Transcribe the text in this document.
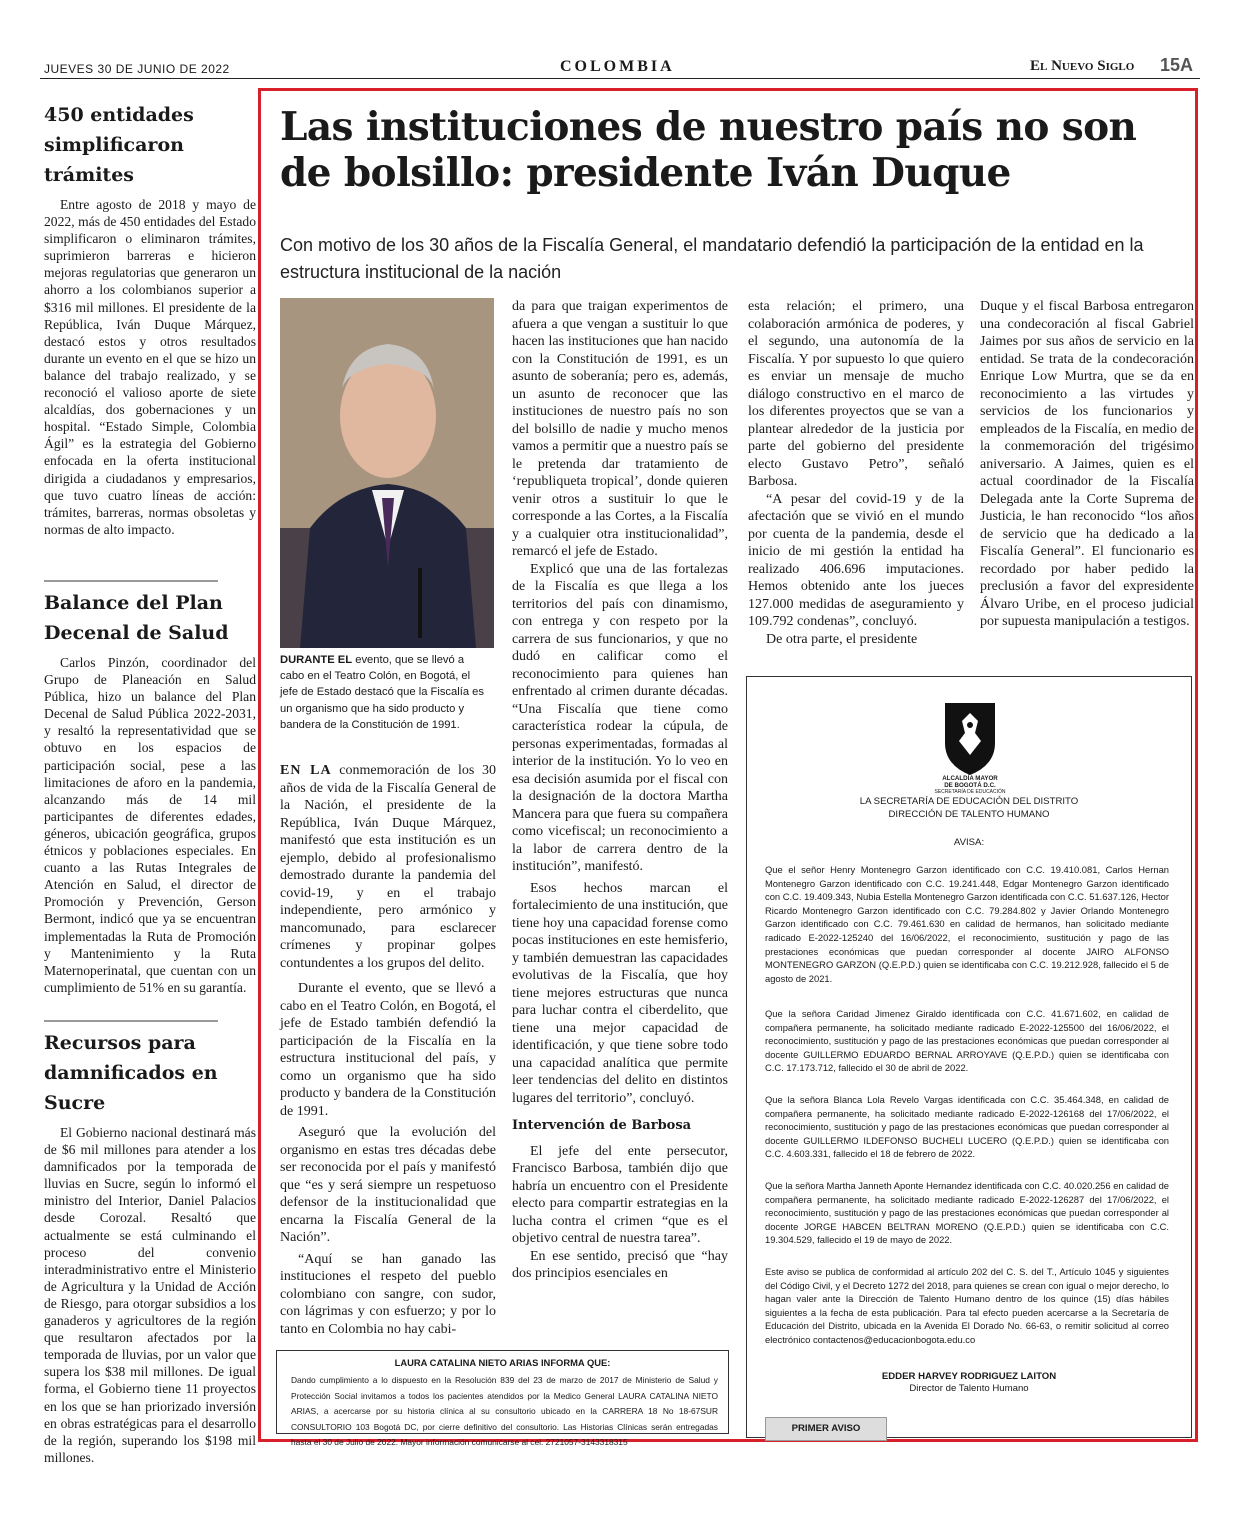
JUEVES 30 DE JUNIO DE 2022	COLOMBIA	El Nuevo Siglo 15A
450 entidades simplificaron trámites

Entre agosto de 2018 y mayo de 2022, más de 450 entidades del Estado simplificaron o eliminaron trámites, suprimieron barreras e hicieron mejoras regulatorias que generaron un ahorro a los colombianos superior a $316 mil millones. El presidente de la República, Iván Duque Márquez, destacó estos y otros resultados durante un evento en el que se hizo un balance del trabajo realizado, y se reconoció el valioso aporte de siete alcaldías, dos gobernaciones y un hospital. “Estado Simple, Colombia Ágil” es la estrategia del Gobierno enfocada en la oferta institucional dirigida a ciudadanos y empresarios, que tuvo cuatro líneas de acción: trámites, barreras, normas obsoletas y normas de alto impacto.

Balance del Plan Decenal de Salud

Carlos Pinzón, coordinador del Grupo de Planeación en Salud Pública, hizo un balance del Plan Decenal de Salud Pública 2022-2031, y resaltó la representatividad que se obtuvo en los espacios de participación social, pese a las limitaciones de aforo en la pandemia, alcanzando más de 14 mil participantes de diferentes edades, géneros, ubicación geográfica, grupos étnicos y poblaciones especiales. En cuanto a las Rutas Integrales de Atención en Salud, el director de Promoción y Prevención, Gerson Bermont, indicó que ya se encuentran implementadas la Ruta de Promoción y Mantenimiento y la Ruta Maternoperinatal, que cuentan con un cumplimiento de 51% en su garantía.

Recursos para damnificados en Sucre

El Gobierno nacional destinará más de $6 mil millones para atender a los damnificados por la temporada de lluvias en Sucre, según lo informó el ministro del Interior, Daniel Palacios desde Corozal. Resaltó que actualmente se está culminando el proceso del convenio interadministrativo entre el Ministerio de Agricultura y la Unidad de Acción de Riesgo, para otorgar subsidios a los ganaderos y agricultores de la región que resultaron afectados por la temporada de lluvias, por un valor que supera los $38 mil millones. De igual forma, el Gobierno tiene 11 proyectos en los que se han priorizado inversión en obras estratégicas para el desarrollo de la región, superando los $198 mil millones.

Las instituciones de nuestro país no son de bolsillo: presidente Iván Duque

Con motivo de los 30 años de la Fiscalía General, el mandatario defendió la participación de la entidad en la estructura institucional de la nación

DURANTE EL evento, que se llevó a cabo en el Teatro Colón, en Bogotá, el jefe de Estado destacó que la Fiscalía es un organismo que ha sido producto y bandera de la Constitución de 1991.

EN LA conmemoración de los 30 años de vida de la Fiscalía General de la Nación, el presidente de la República, Iván Duque Márquez, manifestó que esta institución es un ejemplo, debido al profesionalismo demostrado durante la pandemia del covid-19, y en el trabajo independiente, pero armónico y mancomunado, para esclarecer crímenes y propinar golpes contundentes a los grupos del delito.

Durante el evento, que se llevó a cabo en el Teatro Colón, en Bogotá, el jefe de Estado también defendió la participación de la Fiscalía en la estructura institucional del país, y como un organismo que ha sido producto y bandera de la Constitución de 1991.

Aseguró que la evolución del organismo en estas tres décadas debe ser reconocida por el país y manifestó que “es y será siempre un respetuoso defensor de la institucionalidad que encarna la Fiscalía General de la Nación”.

“Aquí se han ganado las instituciones el respeto del pueblo colombiano con sangre, con sudor, con lágrimas y con esfuerzo; y por lo tanto en Colombia no hay cabi-

da para que traigan experimentos de afuera a que vengan a sustituir lo que hacen las instituciones que han nacido con la Constitución de 1991, es un asunto de soberanía; pero es, además, un asunto de reconocer que las instituciones de nuestro país no son del bolsillo de nadie y mucho menos vamos a permitir que a nuestro país se le pretenda dar tratamiento de ‘republiqueta tropical’, donde quieren venir otros a sustituir lo que le corresponde a las Cortes, a la Fiscalía y a cualquier otra institucionalidad”, remarcó el jefe de Estado.

Explicó que una de las fortalezas de la Fiscalía es que llega a los territorios del país con dinamismo, con entrega y con respeto por la carrera de sus funcionarios, y que no dudó en calificar como el reconocimiento para quienes han enfrentado al crimen durante décadas. “Una Fiscalía que tiene como característica rodear la cúpula, de personas experimentadas, formadas al interior de la institución. Yo lo veo en esa decisión asumida por el fiscal con la designación de la doctora Martha Mancera para que fuera su compañera como vicefiscal; un reconocimiento a la labor de carrera dentro de la institución”, manifestó.

Esos hechos marcan el fortalecimiento de una institución, que tiene hoy una capacidad forense como pocas instituciones en este hemisferio, y también demuestran las capacidades evolutivas de la Fiscalía, que hoy tiene mejores estructuras que nunca para luchar contra el ciberdelito, que tiene una mejor capacidad de identificación, y que tiene sobre todo una capacidad analítica que permite leer tendencias del delito en distintos lugares del territorio”, concluyó.

Intervención de Barbosa

El jefe del ente persecutor, Francisco Barbosa, también dijo que habría un encuentro con el Presidente electo para compartir estrategias en la lucha contra el crimen “que es el objetivo central de nuestra tarea”.

En ese sentido, precisó que “hay dos principios esenciales en

esta relación; el primero, una colaboración armónica de poderes, y el segundo, una autonomía de la Fiscalía. Y por supuesto lo que quiero es enviar un mensaje de mucho diálogo constructivo en el marco de los diferentes proyectos que se van a plantear alrededor de la justicia por parte del gobierno del presidente electo Gustavo Petro”, señaló Barbosa.

“A pesar del covid-19 y de la afectación que se vivió en el mundo por cuenta de la pandemia, desde el inicio de mi gestión la entidad ha realizado 406.696 imputaciones. Hemos obtenido ante los jueces 127.000 medidas de aseguramiento y 109.792 condenas”, concluyó.

De otra parte, el presidente

Duque y el fiscal Barbosa entregaron una condecoración al fiscal Gabriel Jaimes por sus años de servicio en la entidad. Se trata de la condecoración Enrique Low Murtra, que se da en reconocimiento a las virtudes y servicios de los funcionarios y empleados de la Fiscalía, en medio de la conmemoración del trigésimo aniversario. A Jaimes, quien es el actual coordinador de la Fiscalía Delegada ante la Corte Suprema de Justicia, le han reconocido “los años de servicio que ha dedicado a la Fiscalía General”. El funcionario es recordado por haber pedido la preclusión a favor del expresidente Álvaro Uribe, en el proceso judicial por supuesta manipulación a testigos.

LAURA CATALINA NIETO ARIAS INFORMA QUE:
Dando cumplimiento a lo dispuesto en la Resolución 839 del 23 de marzo de 2017 de Ministerio de Salud y Protección Social invitamos a todos los pacientes atendidos por la Medico General LAURA CATALINA NIETO ARIAS, a acercarse por su historia clínica al su consultorio ubicado en la CARRERA 18 No 18-67SUR CONSULTORIO 103 Bogotá DC, por cierre definitivo del consultorio. Las Historias Clínicas serán entregadas hasta el 30 de Julio de 2022. Mayor información comunicarse al cel. 2721057-3143318315
ALCALDÍA MAYOR
DE BOGOTÁ D.C.
SECRETARÍA DE EDUCACIÓN
LA SECRETARÍA DE EDUCACIÓN DEL DISTRITO
DIRECCIÓN DE TALENTO HUMANO
AVISA:

Que el señor Henry Montenegro Garzon identificado con C.C. 19.410.081, Carlos Hernan Montenegro Garzon identificado con C.C. 19.241.448, Edgar Montenegro Garzon identificado con C.C. 19.409.343, Nubia Estella Montenegro Garzon identificada con C.C. 51.637.126, Hector Ricardo Montenegro Garzon identificado con C.C. 79.284.802 y Javier Orlando Montenegro Garzon identificado con C.C. 79.461.630 en calidad de hermanos, han solicitado mediante radicado E-2022-125240 del 16/06/2022, el reconocimiento, sustitución y pago de las prestaciones económicas que puedan corresponder al docente JAIRO ALFONSO MONTENEGRO GARZON (Q.E.P.D.) quien se identificaba con C.C. 19.212.928, fallecido el 5 de agosto de 2021.

Que la señora Caridad Jimenez Giraldo identificada con C.C. 41.671.602, en calidad de compañera permanente, ha solicitado mediante radicado E-2022-125500 del 16/06/2022, el reconocimiento, sustitución y pago de las prestaciones económicas que puedan corresponder al docente GUILLERMO EDUARDO BERNAL ARROYAVE (Q.E.P.D.) quien se identificaba con C.C. 17.173.712, fallecido el 30 de abril de 2022.

Que la señora Blanca Lola Revelo Vargas identificada con C.C. 35.464.348, en calidad de compañera permanente, ha solicitado mediante radicado E-2022-126168 del 17/06/2022, el reconocimiento, sustitución y pago de las prestaciones económicas que puedan corresponder al docente GUILLERMO ILDEFONSO BUCHELI LUCERO (Q.E.P.D.) quien se identificaba con C.C. 4.603.331, fallecido el 18 de febrero de 2022.

Que la señora Martha Janneth Aponte Hernandez identificada con C.C. 40.020.256 en calidad de compañera permanente, ha solicitado mediante radicado E-2022-126287 del 17/06/2022, el reconocimiento, sustitución y pago de las prestaciones económicas que puedan corresponder al docente JORGE HABCEN BELTRAN MORENO (Q.E.P.D.) quien se identificaba con C.C. 19.304.529, fallecido el 19 de mayo de 2022.

Este aviso se publica de conformidad al artículo 202 del C. S. del T., Artículo 1045 y siguientes del Código Civil, y el Decreto 1272 del 2018, para quienes se crean con igual o mejor derecho, lo hagan valer ante la Dirección de Talento Humano dentro de los quince (15) días hábiles siguientes a la fecha de esta publicación. Para tal efecto pueden acercarse a la Secretaría de Educación del Distrito, ubicada en la Avenida El Dorado No. 66-63, o remitir solicitud al correo electrónico contactenos@educacionbogota.edu.co

EDDER HARVEY RODRIGUEZ LAITON
Director de Talento Humano
PRIMER AVISO
